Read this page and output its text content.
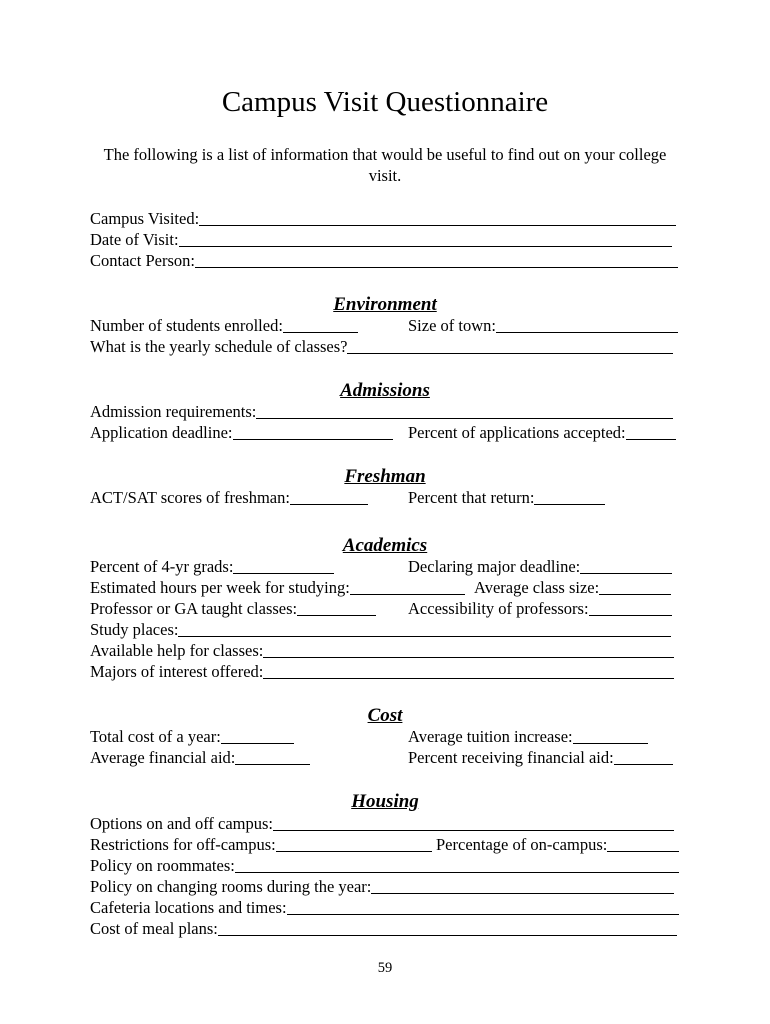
Campus Visit Questionnaire
The following is a list of information that would be useful to find out on your college visit.
Campus Visited:
Date of Visit:
Contact Person:
Environment
Number of students enrolled:	Size of town:
What is the yearly schedule of classes?
Admissions
Admission requirements:
Application deadline:	Percent of applications accepted:
Freshman
ACT/SAT scores of freshman:	Percent that return:
Academics
Percent of 4-yr grads:	Declaring major deadline:
Estimated hours per week for studying:	Average class size:
Professor or GA taught classes:	Accessibility of professors:
Study places:
Available help for classes:
Majors of interest offered:
Cost
Total cost of a year:	Average tuition increase:
Average financial aid:	Percent receiving financial aid:
Housing
Options on and off campus:
Restrictions for off-campus:	Percentage of on-campus:
Policy on roommates:
Policy on changing rooms during the year:
Cafeteria locations and times:
Cost of meal plans:
59
